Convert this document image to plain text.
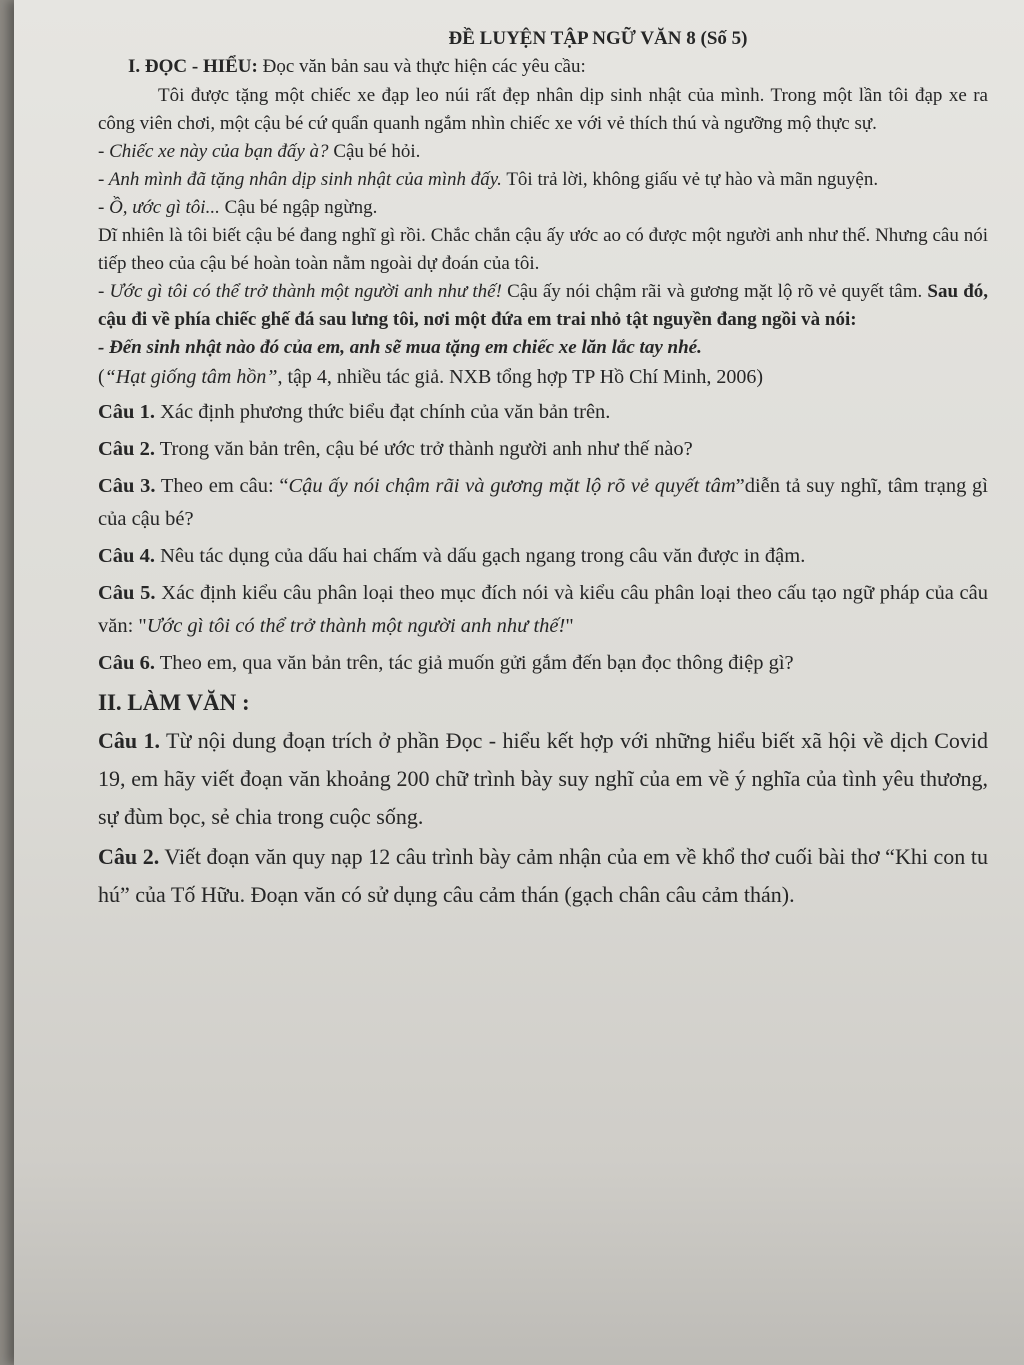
ĐỀ LUYỆN TẬP NGỮ VĂN 8 (Số 5)
I. ĐỌC - HIỂU: Đọc văn bản sau và thực hiện các yêu cầu:

Tôi được tặng một chiếc xe đạp leo núi rất đẹp nhân dịp sinh nhật của mình. Trong một lần tôi đạp xe ra công viên chơi, một cậu bé cứ quẩn quanh ngắm nhìn chiếc xe với vẻ thích thú và ngưỡng mộ thực sự.

- Chiếc xe này của bạn đấy à? Cậu bé hỏi.

- Anh mình đã tặng nhân dịp sinh nhật của mình đấy. Tôi trả lời, không giấu vẻ tự hào và mãn nguyện.

- Ồ, ước gì tôi... Cậu bé ngập ngừng.

Dĩ nhiên là tôi biết cậu bé đang nghĩ gì rồi. Chắc chắn cậu ấy ước ao có được một người anh như thế. Nhưng câu nói tiếp theo của cậu bé hoàn toàn nằm ngoài dự đoán của tôi.

- Ước gì tôi có thể trở thành một người anh như thế! Cậu ấy nói chậm rãi và gương mặt lộ rõ vẻ quyết tâm. Sau đó, cậu đi về phía chiếc ghế đá sau lưng tôi, nơi một đứa em trai nhỏ tật nguyền đang ngồi và nói:

- Đến sinh nhật nào đó của em, anh sẽ mua tặng em chiếc xe lăn lắc tay nhé.

(“Hạt giống tâm hồn”, tập 4, nhiều tác giả. NXB tổng hợp TP Hồ Chí Minh, 2006)

Câu 1. Xác định phương thức biểu đạt chính của văn bản trên.

Câu 2. Trong văn bản trên, cậu bé ước trở thành người anh như thế nào?

Câu 3. Theo em câu: “Cậu ấy nói chậm rãi và gương mặt lộ rõ vẻ quyết tâm”diễn tả suy nghĩ, tâm trạng gì của cậu bé?

Câu 4. Nêu tác dụng của dấu hai chấm và dấu gạch ngang trong câu văn được in đậm.

Câu 5. Xác định kiểu câu phân loại theo mục đích nói và kiểu câu phân loại theo cấu tạo ngữ pháp của câu văn: "Ước gì tôi có thể trở thành một người anh như thế!"

Câu 6. Theo em, qua văn bản trên, tác giả muốn gửi gắm đến bạn đọc thông điệp gì?

II. LÀM VĂN :

Câu 1. Từ nội dung đoạn trích ở phần Đọc - hiểu kết hợp với những hiểu biết xã hội về dịch Covid 19, em hãy viết đoạn văn khoảng 200 chữ trình bày suy nghĩ của em về ý nghĩa của tình yêu thương, sự đùm bọc, sẻ chia trong cuộc sống.

Câu 2. Viết đoạn văn quy nạp 12 câu trình bày cảm nhận của em về khổ thơ cuối bài thơ “Khi con tu hú” của Tố Hữu. Đoạn văn có sử dụng câu cảm thán (gạch chân câu cảm thán).
